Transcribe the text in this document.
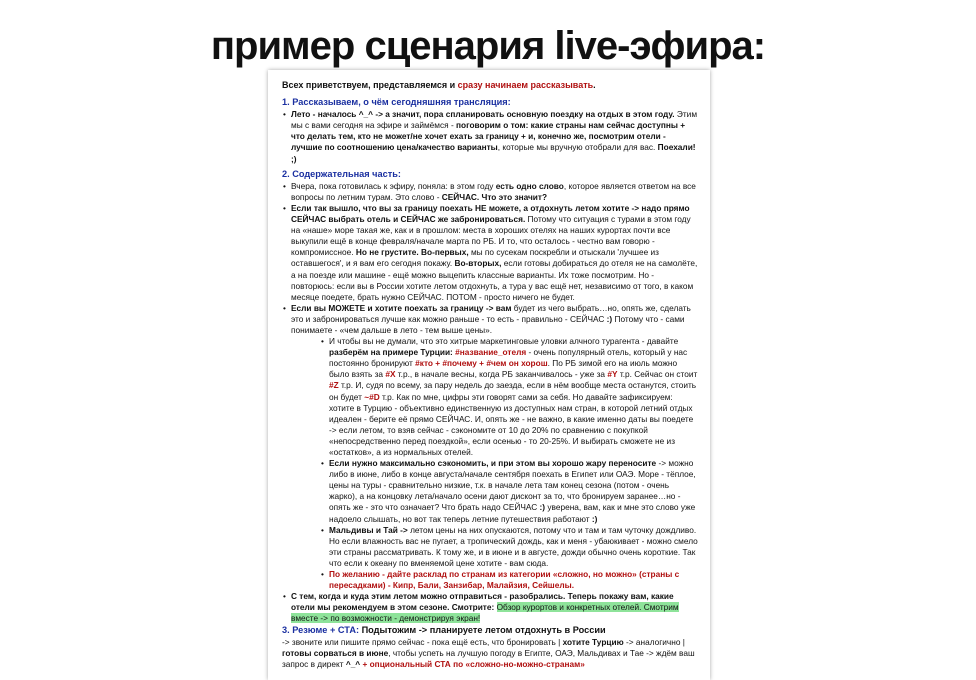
пример сценария live-эфира:
Всех приветствуем, представляемся и сразу начинаем рассказывать.
1. Рассказываем, о чём сегодняшняя трансляция:
• Лето - началось ^_^ -> а значит, пора спланировать основную поездку на отдых в этом году. Этим мы с вами сегодня на эфире и займёмся - поговорим о том: какие страны нам сейчас доступны + что делать тем, кто не может/не хочет ехать за границу + и, конечно же, посмотрим отели - лучшие по соотношению цена/качество варианты, которые мы вручную отобрали для вас. Поехали! ;)
2. Содержательная часть:
• Вчера, пока готовилась к эфиру, поняла: в этом году есть одно слово, которое является ответом на все вопросы по летним турам. Это слово - СЕЙЧАС. Что это значит?
• Если так вышло, что вы за границу поехать НЕ можете, а отдохнуть летом хотите -> надо прямо СЕЙЧАС выбрать отель и СЕЙЧАС же забронироваться. Потому что ситуация с турами в этом году на «наше» море такая же, как и в прошлом: места в хороших отелях на наших курортах почти все выкупили ещё в конце февраля/начале марта по РБ. И то, что осталось - честно вам говорю - компромиссное. Но не грустите. Во-первых, мы по сусекам поскребли и отыскали 'лучшее из оставшегося', и я вам его сегодня покажу. Во-вторых, если готовы добираться до отеля не на самолёте, а на поезде или машине - ещё можно выцепить классные варианты. Их тоже посмотрим. Но - повторюсь: если вы в России хотите летом отдохнуть, а тура у вас ещё нет, независимо от того, в каком месяце поедете, брать нужно СЕЙЧАС. ПОТОМ - просто ничего не будет.
• Если вы МОЖЕТЕ и хотите поехать за границу -> вам будет из чего выбрать…но, опять же, сделать это и забронироваться лучше как можно раньше - то есть - правильно - СЕЙЧАС :) Потому что - сами понимаете - «чем дальше в лето - тем выше цены».
• И чтобы вы не думали, что это хитрые маркетинговые уловки алчного турагента - давайте разберём на примере Турции: #название_отеля - очень популярный отель, который у нас постоянно бронируют #кто + #почему + #чем он хорош. По РБ зимой его на июль можно было взять за #X т.р., в начале весны, когда РБ заканчивалось - уже за #Y т.р. Сейчас он стоит #Z т.р. И, судя по всему, за пару недель до заезда, если в нём вообще места останутся, стоить он будет ~#D т.р. Как по мне, цифры эти говорят сами за себя. Но давайте зафиксируем: хотите в Турцию - объективно единственную из доступных нам стран, в которой летний отдых идеален - берите её прямо СЕЙЧАС. И, опять же - не важно, в какие именно даты вы поедете -> если летом, то взяв сейчас - сэкономите от 10 до 20% по сравнению с покупкой «непосредственно перед поездкой», если осенью - то 20-25%. И выбирать сможете не из «остатков», а из нормальных отелей.
• Если нужно максимально сэкономить, и при этом вы хорошо жару переносите -> можно либо в июне, либо в конце августа/начале сентября поехать в Египет или ОАЭ. Море - тёплое, цены на туры - сравнительно низкие, т.к. в начале лета там конец сезона (потом - очень жарко), а на концовку лета/начало осени дают дисконт за то, что бронируем заранее…но - опять же - это что означает? Что брать надо СЕЙЧАС :) уверена, вам, как и мне это слово уже надоело слышать, но вот так теперь летние путешествия работают :)
• Мальдивы и Тай -> летом цены на них опускаются, потому что и там и там чуточку дождливо. Но если влажность вас не пугает, а тропический дождь, как и меня - убаюкивает - можно смело эти страны рассматривать. К тому же, и в июне и в августе, дожди обычно очень короткие. Так что если к океану по вменяемой цене хотите - вам сюда.
• По желанию - дайте расклад по странам из категории «сложно, но можно» (страны с пересадками) - Кипр, Бали, Занзибар, Малайзия, Сейшелы.
• С тем, когда и куда этим летом можно отправиться - разобрались. Теперь покажу вам, какие отели мы рекомендуем в этом сезоне. Смотрите: Обзор курортов и конкретных отелей. Смотрим вместе -> по возможности - демонстрируя экран!
3. Резюме + СТА: Подытожим -> планируете летом отдохнуть в России
-> звоните или пишите прямо сейчас - пока ещё есть, что бронировать | хотите Турцию -> аналогично | готовы сорваться в июне, чтобы успеть на лучшую погоду в Египте, ОАЭ, Мальдивах и Тае -> ждём ваш запрос в директ ^_^ + опциональный СТА по «сложно-но-можно-странам»
